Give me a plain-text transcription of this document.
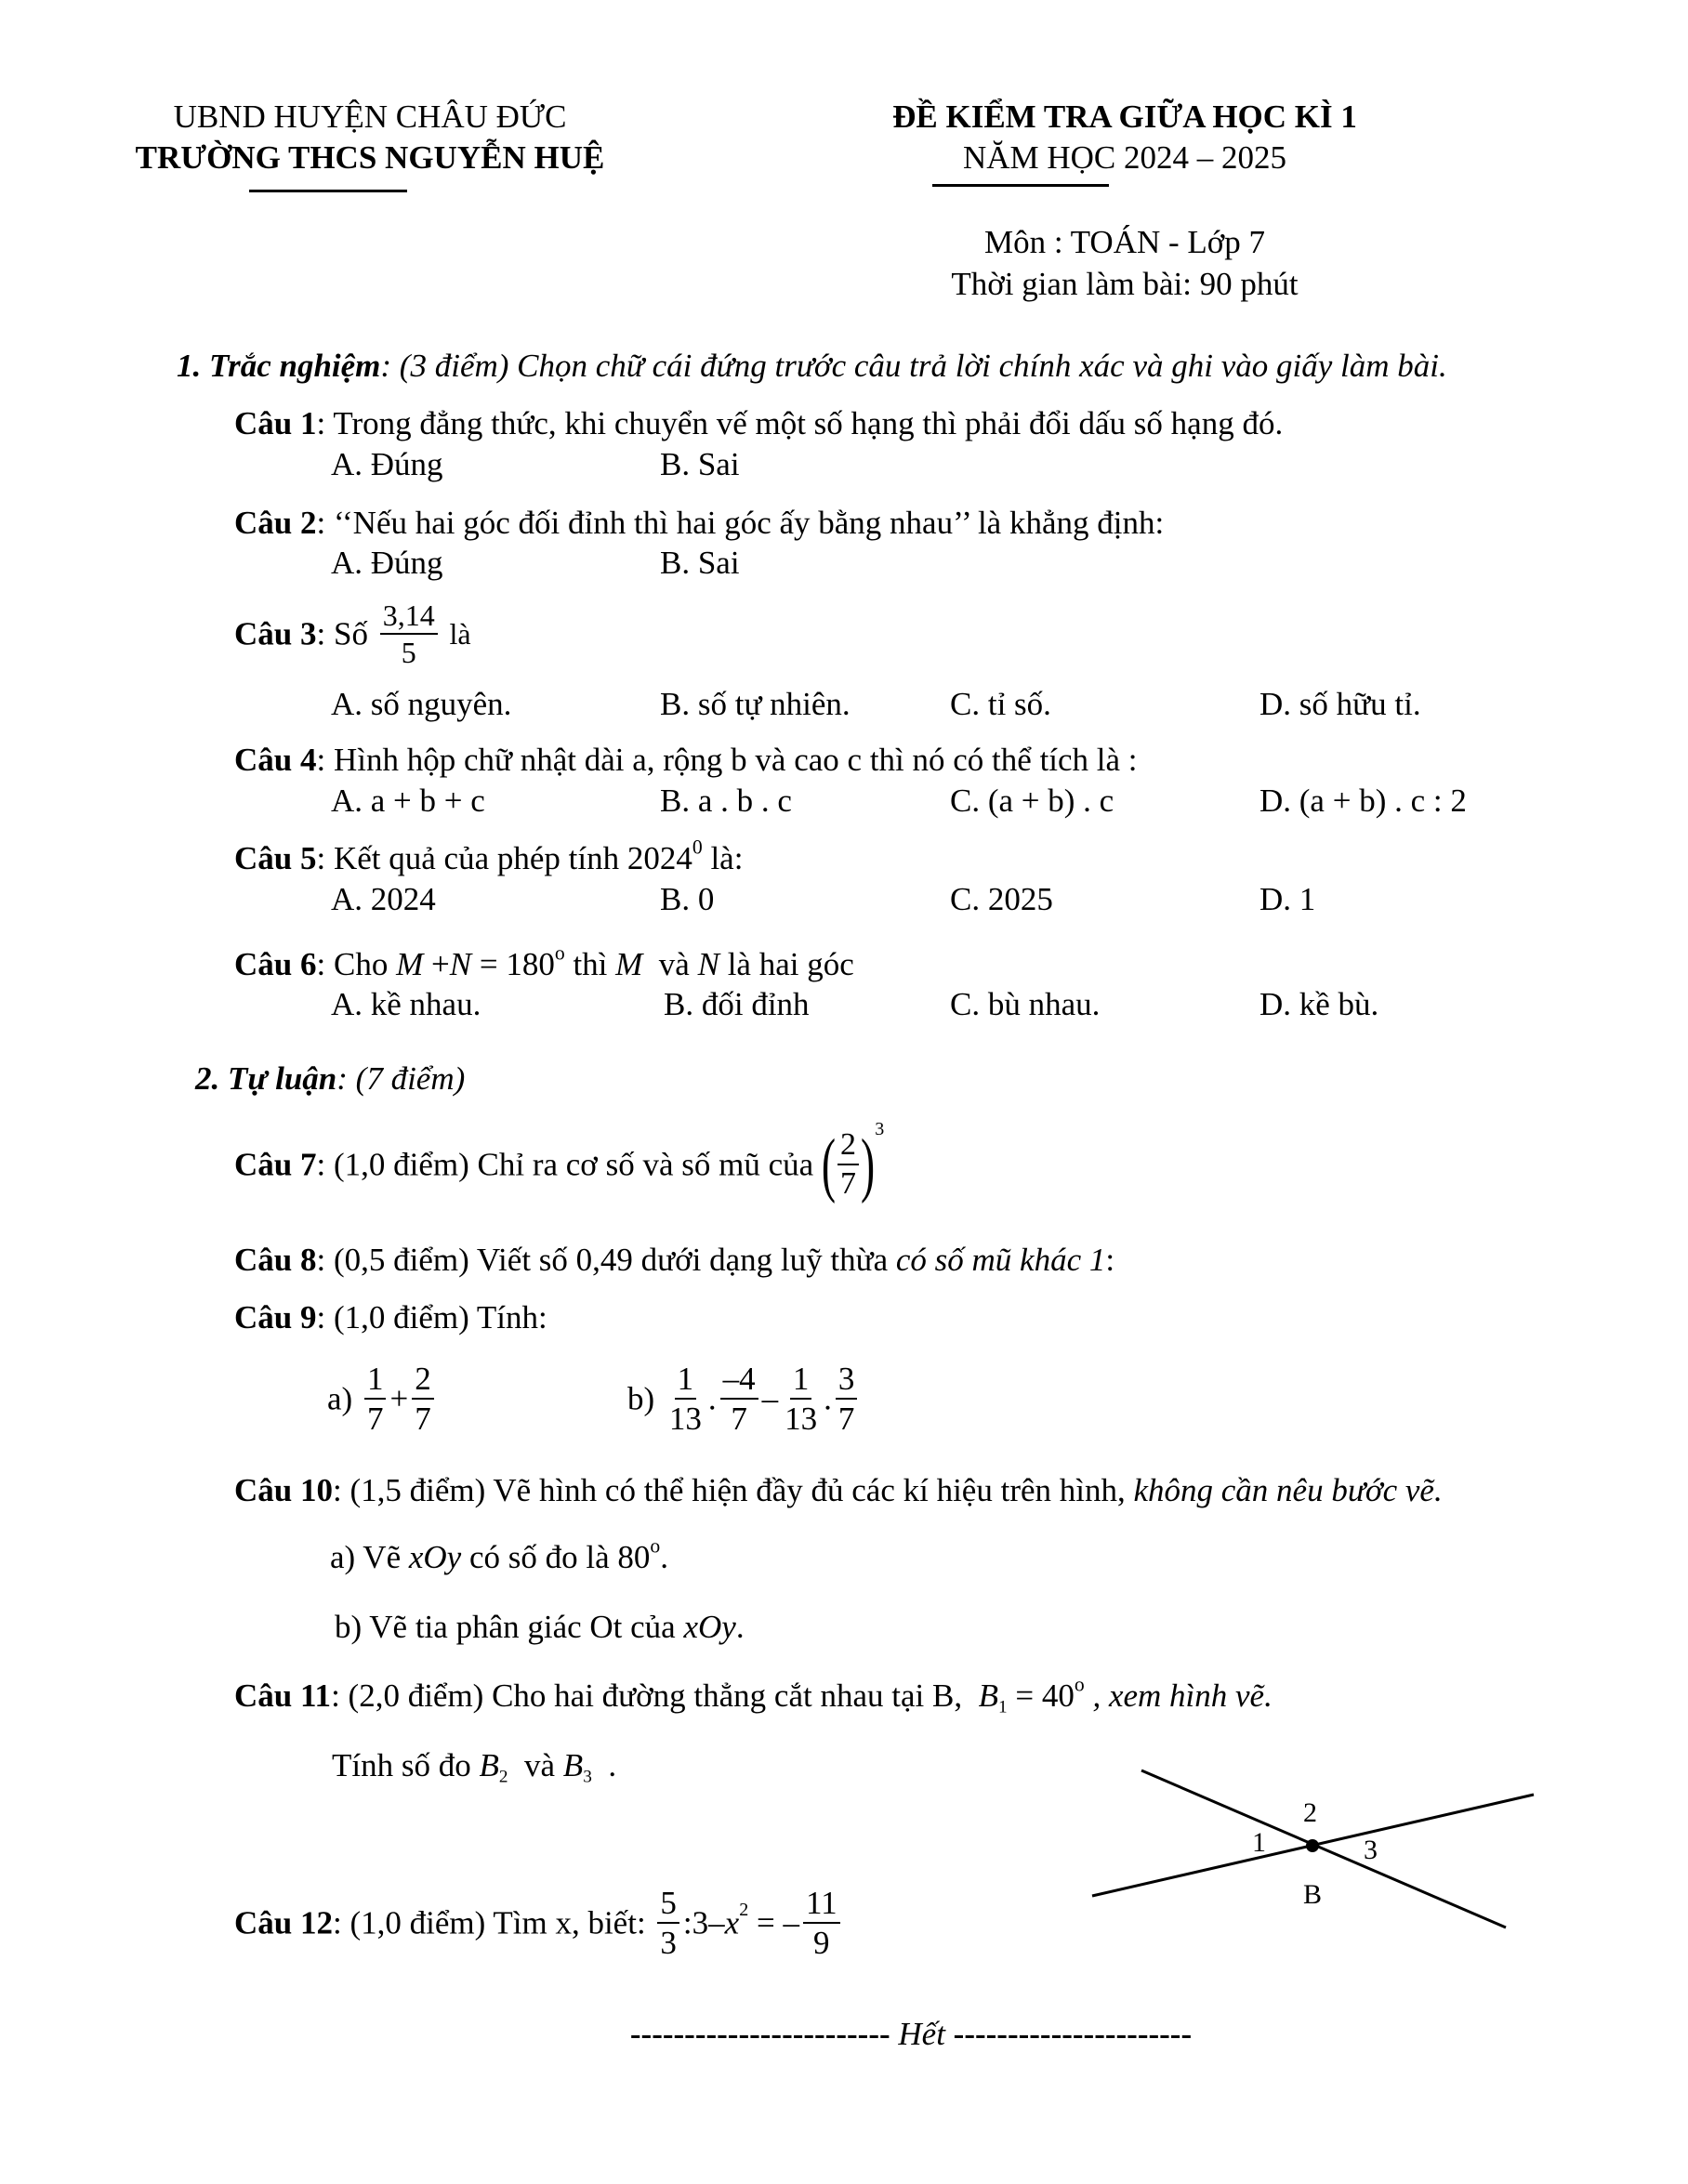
UBND HUYỆN CHÂU ĐỨC
TRƯỜNG THCS NGUYỄN HUỆ
ĐỀ KIỂM TRA GIỮA HỌC KÌ 1
NĂM HỌC 2024 – 2025
Môn : TOÁN - Lớp 7
Thời gian làm bài: 90 phút
1. Trắc nghiệm: (3 điểm) Chọn chữ cái đứng trước câu trả lời chính xác và ghi vào giấy làm bài.
Câu 1: Trong đẳng thức, khi chuyển vế một số hạng thì phải đổi dấu số hạng đó.
A. Đúng	B. Sai
Câu 2: ‘‘Nếu hai góc đối đỉnh thì hai góc ấy bằng nhau’’ là khẳng định:
A. Đúng	B. Sai
Câu 3: Số $\frac{3,14}{5}$ là
A. số nguyên.	B. số tự nhiên.	C. tỉ số.	D. số hữu tỉ.
Câu 4: Hình hộp chữ nhật dài a, rộng b và cao c thì nó có thể tích là :
A. a + b + c	B. a . b . c	C. (a + b) . c	D. (a + b) . c : 2
Câu 5: Kết quả của phép tính 2024$^0$ là:
A. 2024	B. 0	C. 2025	D. 1
Câu 6: Cho $M +N = 180^o$ thì M và N là hai góc
A. kề nhau.	B. đối đỉnh	C. bù nhau.	D. kề bù.
2. Tự luận: (7 điểm)
Câu 7: (1,0 điểm) Chỉ ra cơ số và số mũ của ( $\frac{2}{7} )^3$
Câu 8: (0,5 điểm) Viết số 0,49 dưới dạng luỹ thừa có số mũ khác 1:
Câu 9: (1,0 điểm) Tính:
$a) \frac{1}{7} + \frac{2}{7}$	$b) \frac{1}{13}$ . $\frac{-4}{7} - \frac{1}{13}$ . $\frac{3}{7}$
Câu 10: (1,5 điểm) Vẽ hình có thể hiện đầy đủ các kí hiệu trên hình, không cần nêu bước vẽ.
a) Vẽ xOy có số đo là 80$^o$.
b) Vẽ tia phân giác Ot của xOy.
Câu 11: (2,0 điểm) Cho hai đường thẳng cắt nhau tại B, $B_1 = 40^o$ , xem hình vẽ.
Tính số đo $B_2$ và $B_3$ .
1
2
3
B
Câu 12: (1,0 điểm) Tìm x, biết: $\frac{5}{3}$ $:3-x^2$ = – $\frac{11}{9}$
------------------------ Hết ----------------------
